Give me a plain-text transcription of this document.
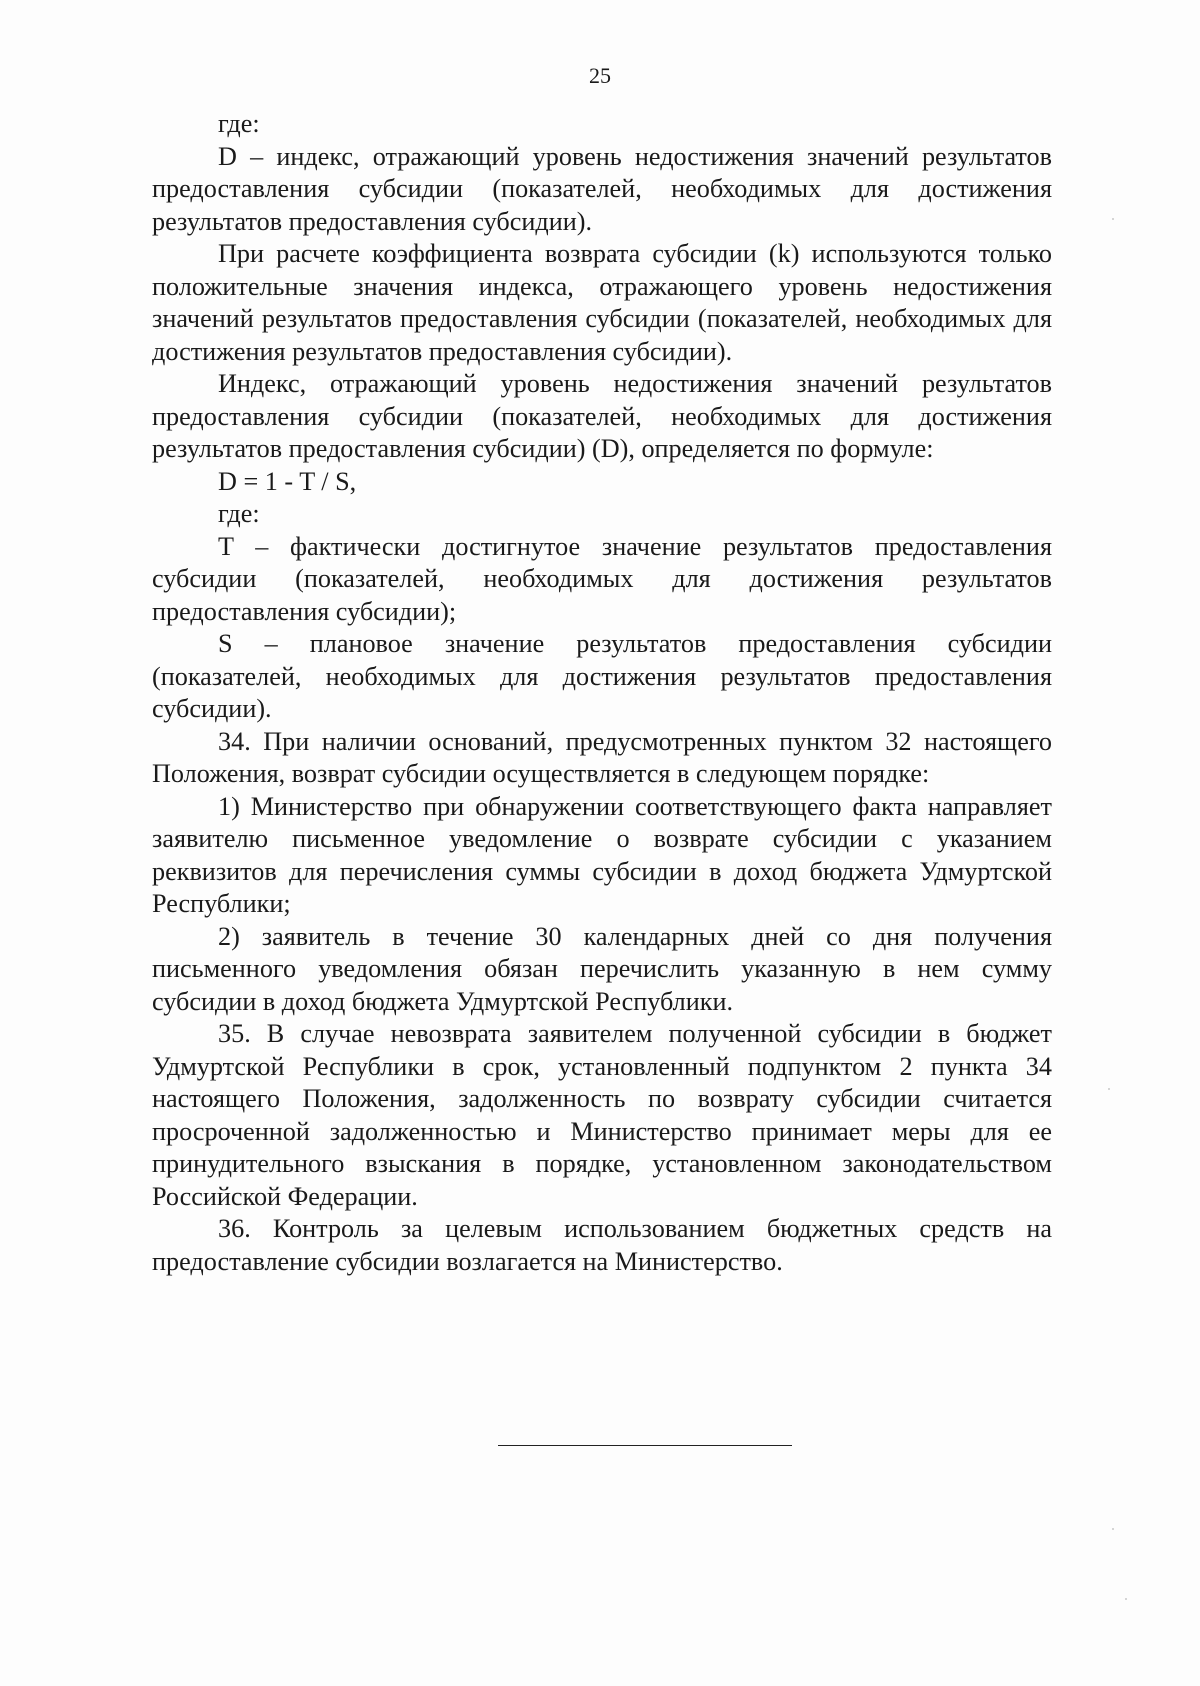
25

где:

D – индекс, отражающий уровень недостижения значений результатов предоставления субсидии (показателей, необходимых для достижения результатов предоставления субсидии).

При расчете коэффициента возврата субсидии (k) используются только положительные значения индекса, отражающего уровень недостижения значений результатов предоставления субсидии (показателей, необходимых для достижения результатов предоставления субсидии).

Индекс, отражающий уровень недостижения значений результатов предоставления субсидии (показателей, необходимых для достижения результатов предоставления субсидии) (D), определяется по формуле:

D = 1 - T / S,

где:

T – фактически достигнутое значение результатов предоставления субсидии (показателей, необходимых для достижения результатов предоставления субсидии);

S – плановое значение результатов предоставления субсидии (показателей, необходимых для достижения результатов предоставления субсидии).

34. При наличии оснований, предусмотренных пунктом 32 настоящего Положения, возврат субсидии осуществляется в следующем порядке:

1) Министерство при обнаружении соответствующего факта направляет заявителю письменное уведомление о возврате субсидии с указанием реквизитов для перечисления суммы субсидии в доход бюджета Удмуртской Республики;

2) заявитель в течение 30 календарных дней со дня получения письменного уведомления обязан перечислить указанную в нем сумму субсидии в доход бюджета Удмуртской Республики.

35. В случае невозврата заявителем полученной субсидии в бюджет Удмуртской Республики в срок, установленный подпунктом 2 пункта 34 настоящего Положения, задолженность по возврату субсидии считается просроченной задолженностью и Министерство принимает меры для ее принудительного взыскания в порядке, установленном законодательством Российской Федерации.

36. Контроль за целевым использованием бюджетных средств на предоставление субсидии возлагается на Министерство.
